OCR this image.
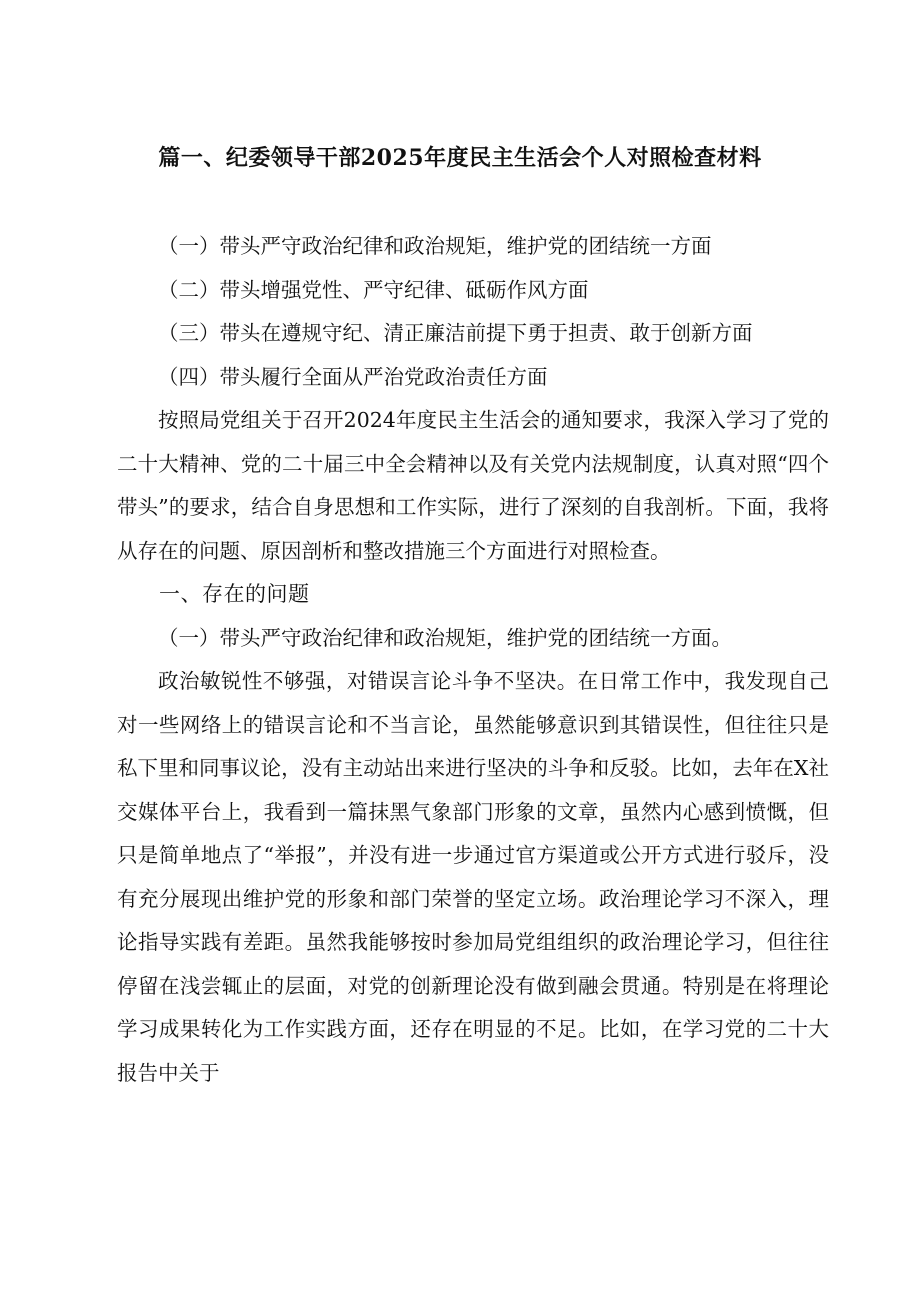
篇一、纪委领导干部2025年度民主生活会个人对照检查材料

（一）带头严守政治纪律和政治规矩，维护党的团结统一方面

（二）带头增强党性、严守纪律、砥砺作风方面

（三）带头在遵规守纪、清正廉洁前提下勇于担责、敢于创新方面

（四）带头履行全面从严治党政治责任方面

按照局党组关于召开2024年度民主生活会的通知要求，我深入学习了党的二十大精神、党的二十届三中全会精神以及有关党内法规制度，认真对照“四个带头”的要求，结合自身思想和工作实际，进行了深刻的自我剖析。下面，我将从存在的问题、原因剖析和整改措施三个方面进行对照检查。

一、存在的问题

（一）带头严守政治纪律和政治规矩，维护党的团结统一方面。

政治敏锐性不够强，对错误言论斗争不坚决。在日常工作中，我发现自己对一些网络上的错误言论和不当言论，虽然能够意识到其错误性，但往往只是私下里和同事议论，没有主动站出来进行坚决的斗争和反驳。比如，去年在X社交媒体平台上，我看到一篇抹黑气象部门形象的文章，虽然内心感到愤慨，但只是简单地点了“举报”，并没有进一步通过官方渠道或公开方式进行驳斥，没有充分展现出维护党的形象和部门荣誉的坚定立场。政治理论学习不深入，理论指导实践有差距。虽然我能够按时参加局党组组织的政治理论学习，但往往停留在浅尝辄止的层面，对党的创新理论没有做到融会贯通。特别是在将理论学习成果转化为工作实践方面，还存在明显的不足。比如，在学习党的二十大报告中关于
